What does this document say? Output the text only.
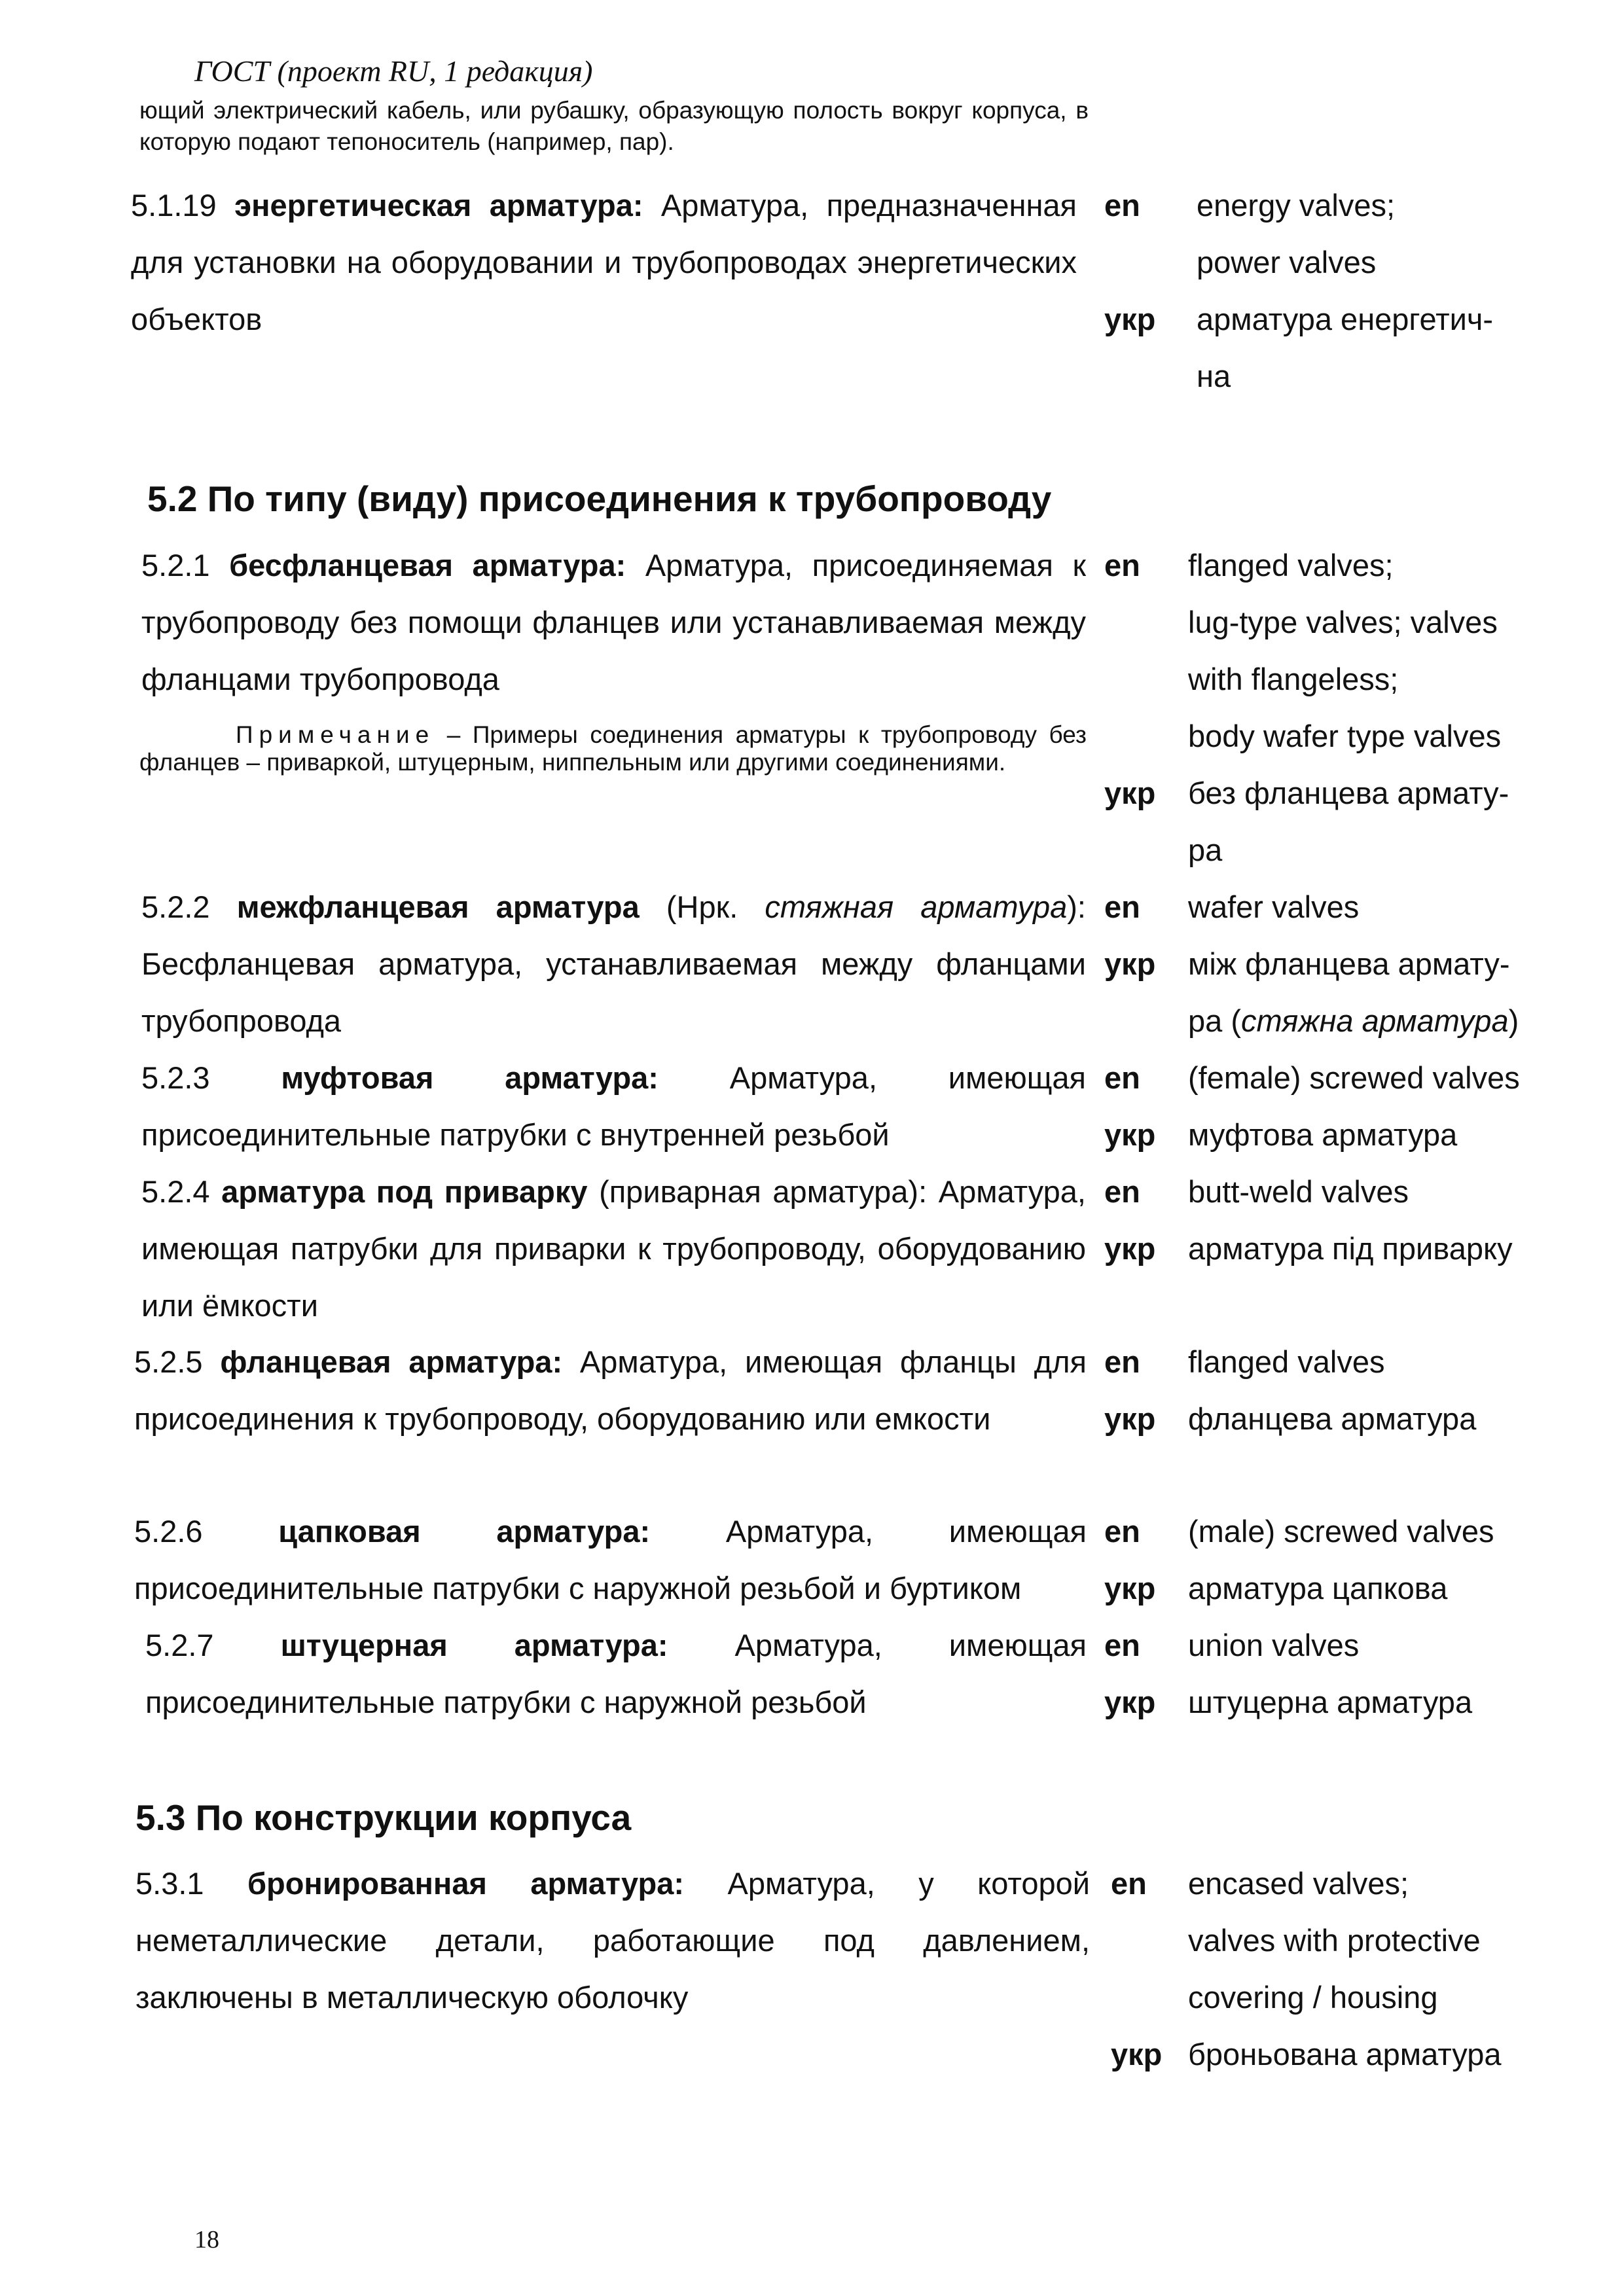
ГОСТ (проект RU, 1 редакция)
ющий электрический кабель, или рубашку, образующую полость вокруг корпуса, в которую подают тепоноситель (например, пар).
5.1.19 энергетическая арматура: Арматура, предназначенная для установки на оборудовании и трубопроводах энергетических объектов
en	energy valves;
power valves
укр	арматура енергетич-
на
5.2 По типу (виду) присоединения к трубопроводу
5.2.1 бесфланцевая арматура: Арматура, присоединяемая к трубопроводу без помощи фланцев или устанавливаемая между фланцами трубопровода
Примечание – Примеры соединения арматуры к трубопроводу без фланцев – приваркой, штуцерным, ниппельным или другими соединениями.
en	flanged valves;
lug-type valves; valves
with flangeless;
body wafer type valves
укр	без фланцева армату-
ра
5.2.2 межфланцевая арматура (Нрк. стяжная арматура): Бесфланцевая арматура, устанавливаемая между фланцами трубопровода
en	wafer valves
укр	між фланцева армату-
ра (стяжна арматура)
5.2.3 муфтовая арматура: Арматура, имеющая присоединительные патрубки с внутренней резьбой
en	(female) screwed valves
укр	муфтова арматура
5.2.4 арматура под приварку (приварная арматура): Арматура, имеющая патрубки для приварки к трубопроводу, оборудованию или ёмкости
en	butt-weld valves
укр	арматура під приварку
5.2.5 фланцевая арматура: Арматура, имеющая фланцы для присоединения к трубопроводу, оборудованию или емкости
en	flanged valves
укр	фланцева арматура
5.2.6 цапковая арматура: Арматура, имеющая присоединительные патрубки с наружной резьбой и буртиком
en	(male) screwed valves
укр	арматура цапкова
5.2.7 штуцерная арматура: Арматура, имеющая присоединительные патрубки с наружной резьбой
en	union valves
укр	штуцерна арматура
5.3 По конструкции корпуса
5.3.1 бронированная арматура: Арматура, у которой неметаллические детали, работающие под давлением, заключены в металлическую оболочку
en	encased valves;
valves with protective
covering / housing
укр броньована арматура
18
